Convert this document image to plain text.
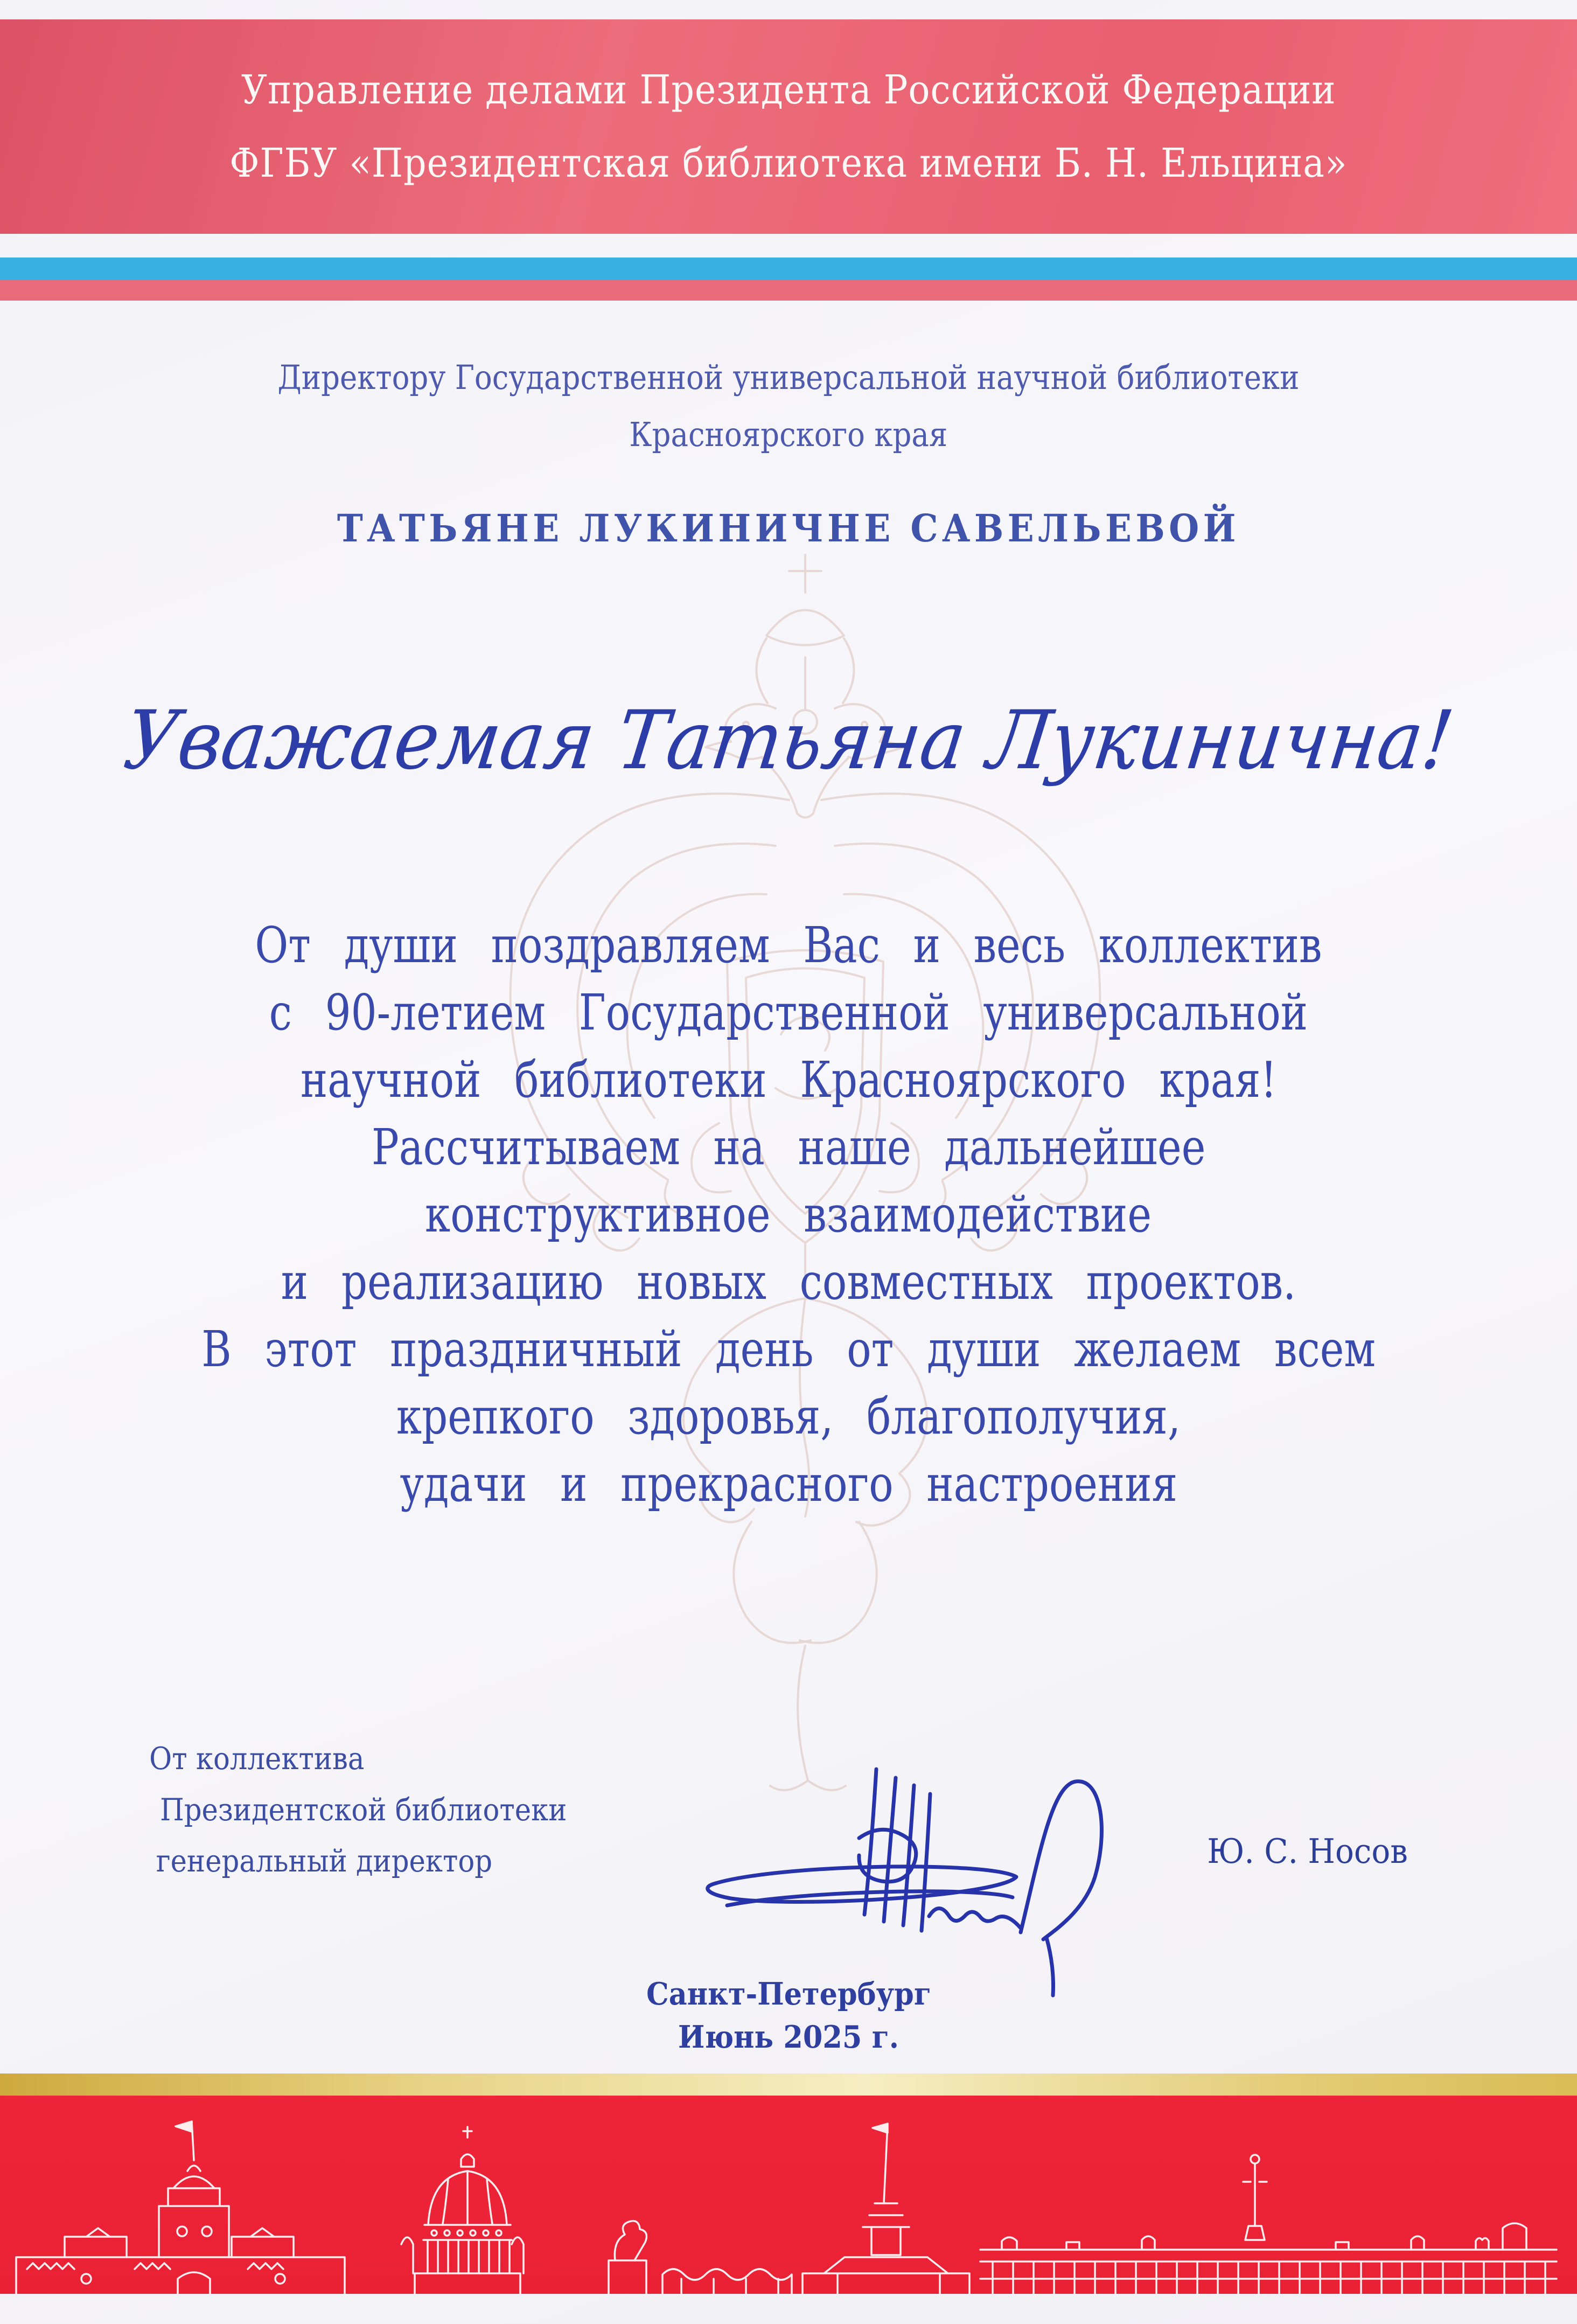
Управление делами Президента Российской Федерации
ФГБУ «Президентская библиотека имени Б. Н. Ельцина»
Директору Государственной универсальной научной библиотеки
Красноярского края
ТАТЬЯНЕ ЛУКИНИЧНЕ САВЕЛЬЕВОЙ
Уважаемая Татьяна Лукинична!
От души поздравляем Вас и весь коллектив
с 90-летием Государственной универсальной
научной библиотеки Красноярского края!
Рассчитываем на наше дальнейшее
конструктивное взаимодействие
и реализацию новых совместных проектов.
В этот праздничный день от души желаем всем
крепкого здоровья, благополучия,
удачи и прекрасного настроения
От коллектива
Президентской библиотеки
генеральный директор	Ю. С. Носов
Санкт-Петербург
Июнь 2025 г.
